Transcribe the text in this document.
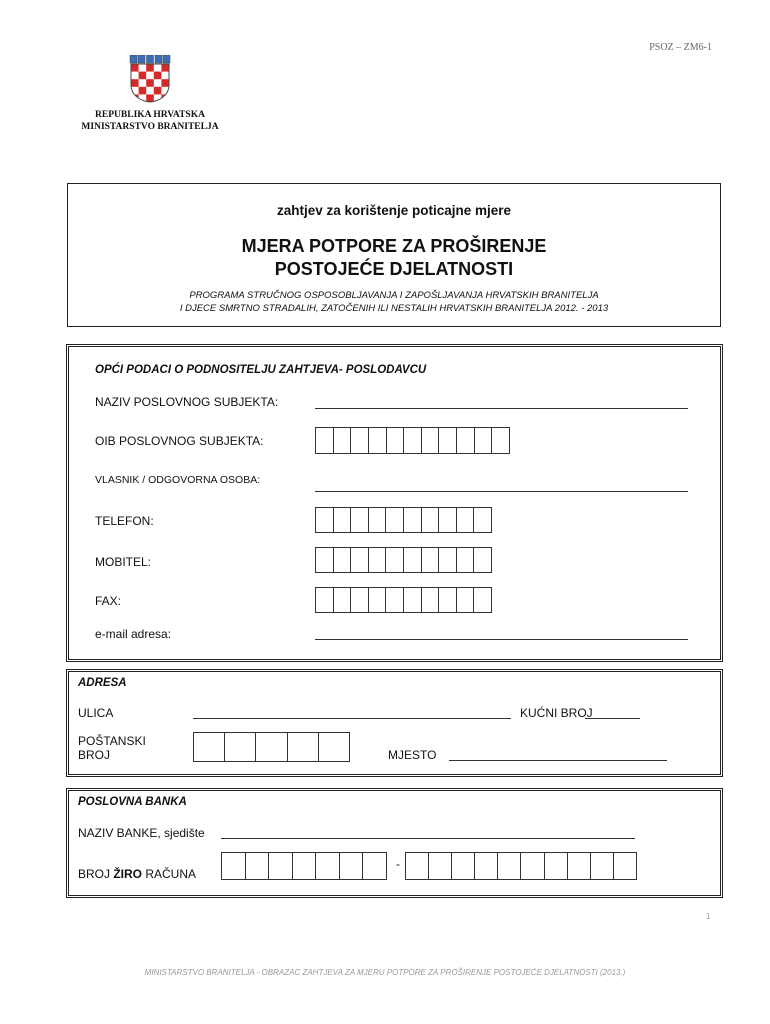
PSOZ – ZM6-1
REPUBLIKA HRVATSKA
MINISTARSTVO BRANITELJA
zahtjev za korištenje poticajne mjere
MJERA POTPORE ZA PROŠIRENJE
POSTOJEĆE DJELATNOSTI
PROGRAMA STRUČNOG OSPOSOBLJAVANJA I ZAPOŠLJAVANJA HRVATSKIH BRANITELJA
I DJECE SMRTNO STRADALIH, ZATOČENIH ILI NESTALIH HRVATSKIH BRANITELJA 2012. - 2013
OPĆI PODACI O PODNOSITELJU ZAHTJEVA- POSLODAVCU
NAZIV POSLOVNOG SUBJEKTA:
OIB POSLOVNOG SUBJEKTA:
VLASNIK / ODGOVORNA OSOBA:
TELEFON:
MOBITEL:
FAX:
e-mail adresa:
ADRESA
ULICA	KUĆNI BROJ
POŠTANSKI
BROJ	MJESTO
POSLOVNA BANKA
NAZIV BANKE, sjedište
BROJ ŽIRO RAČUNA
-
1
MINISTARSTVO BRANITELJA - OBRAZAC ZAHTJEVA ZA MJERU POTPORE ZA PROŠIRENJE POSTOJEĆE DJELATNOSTI (2013.)
